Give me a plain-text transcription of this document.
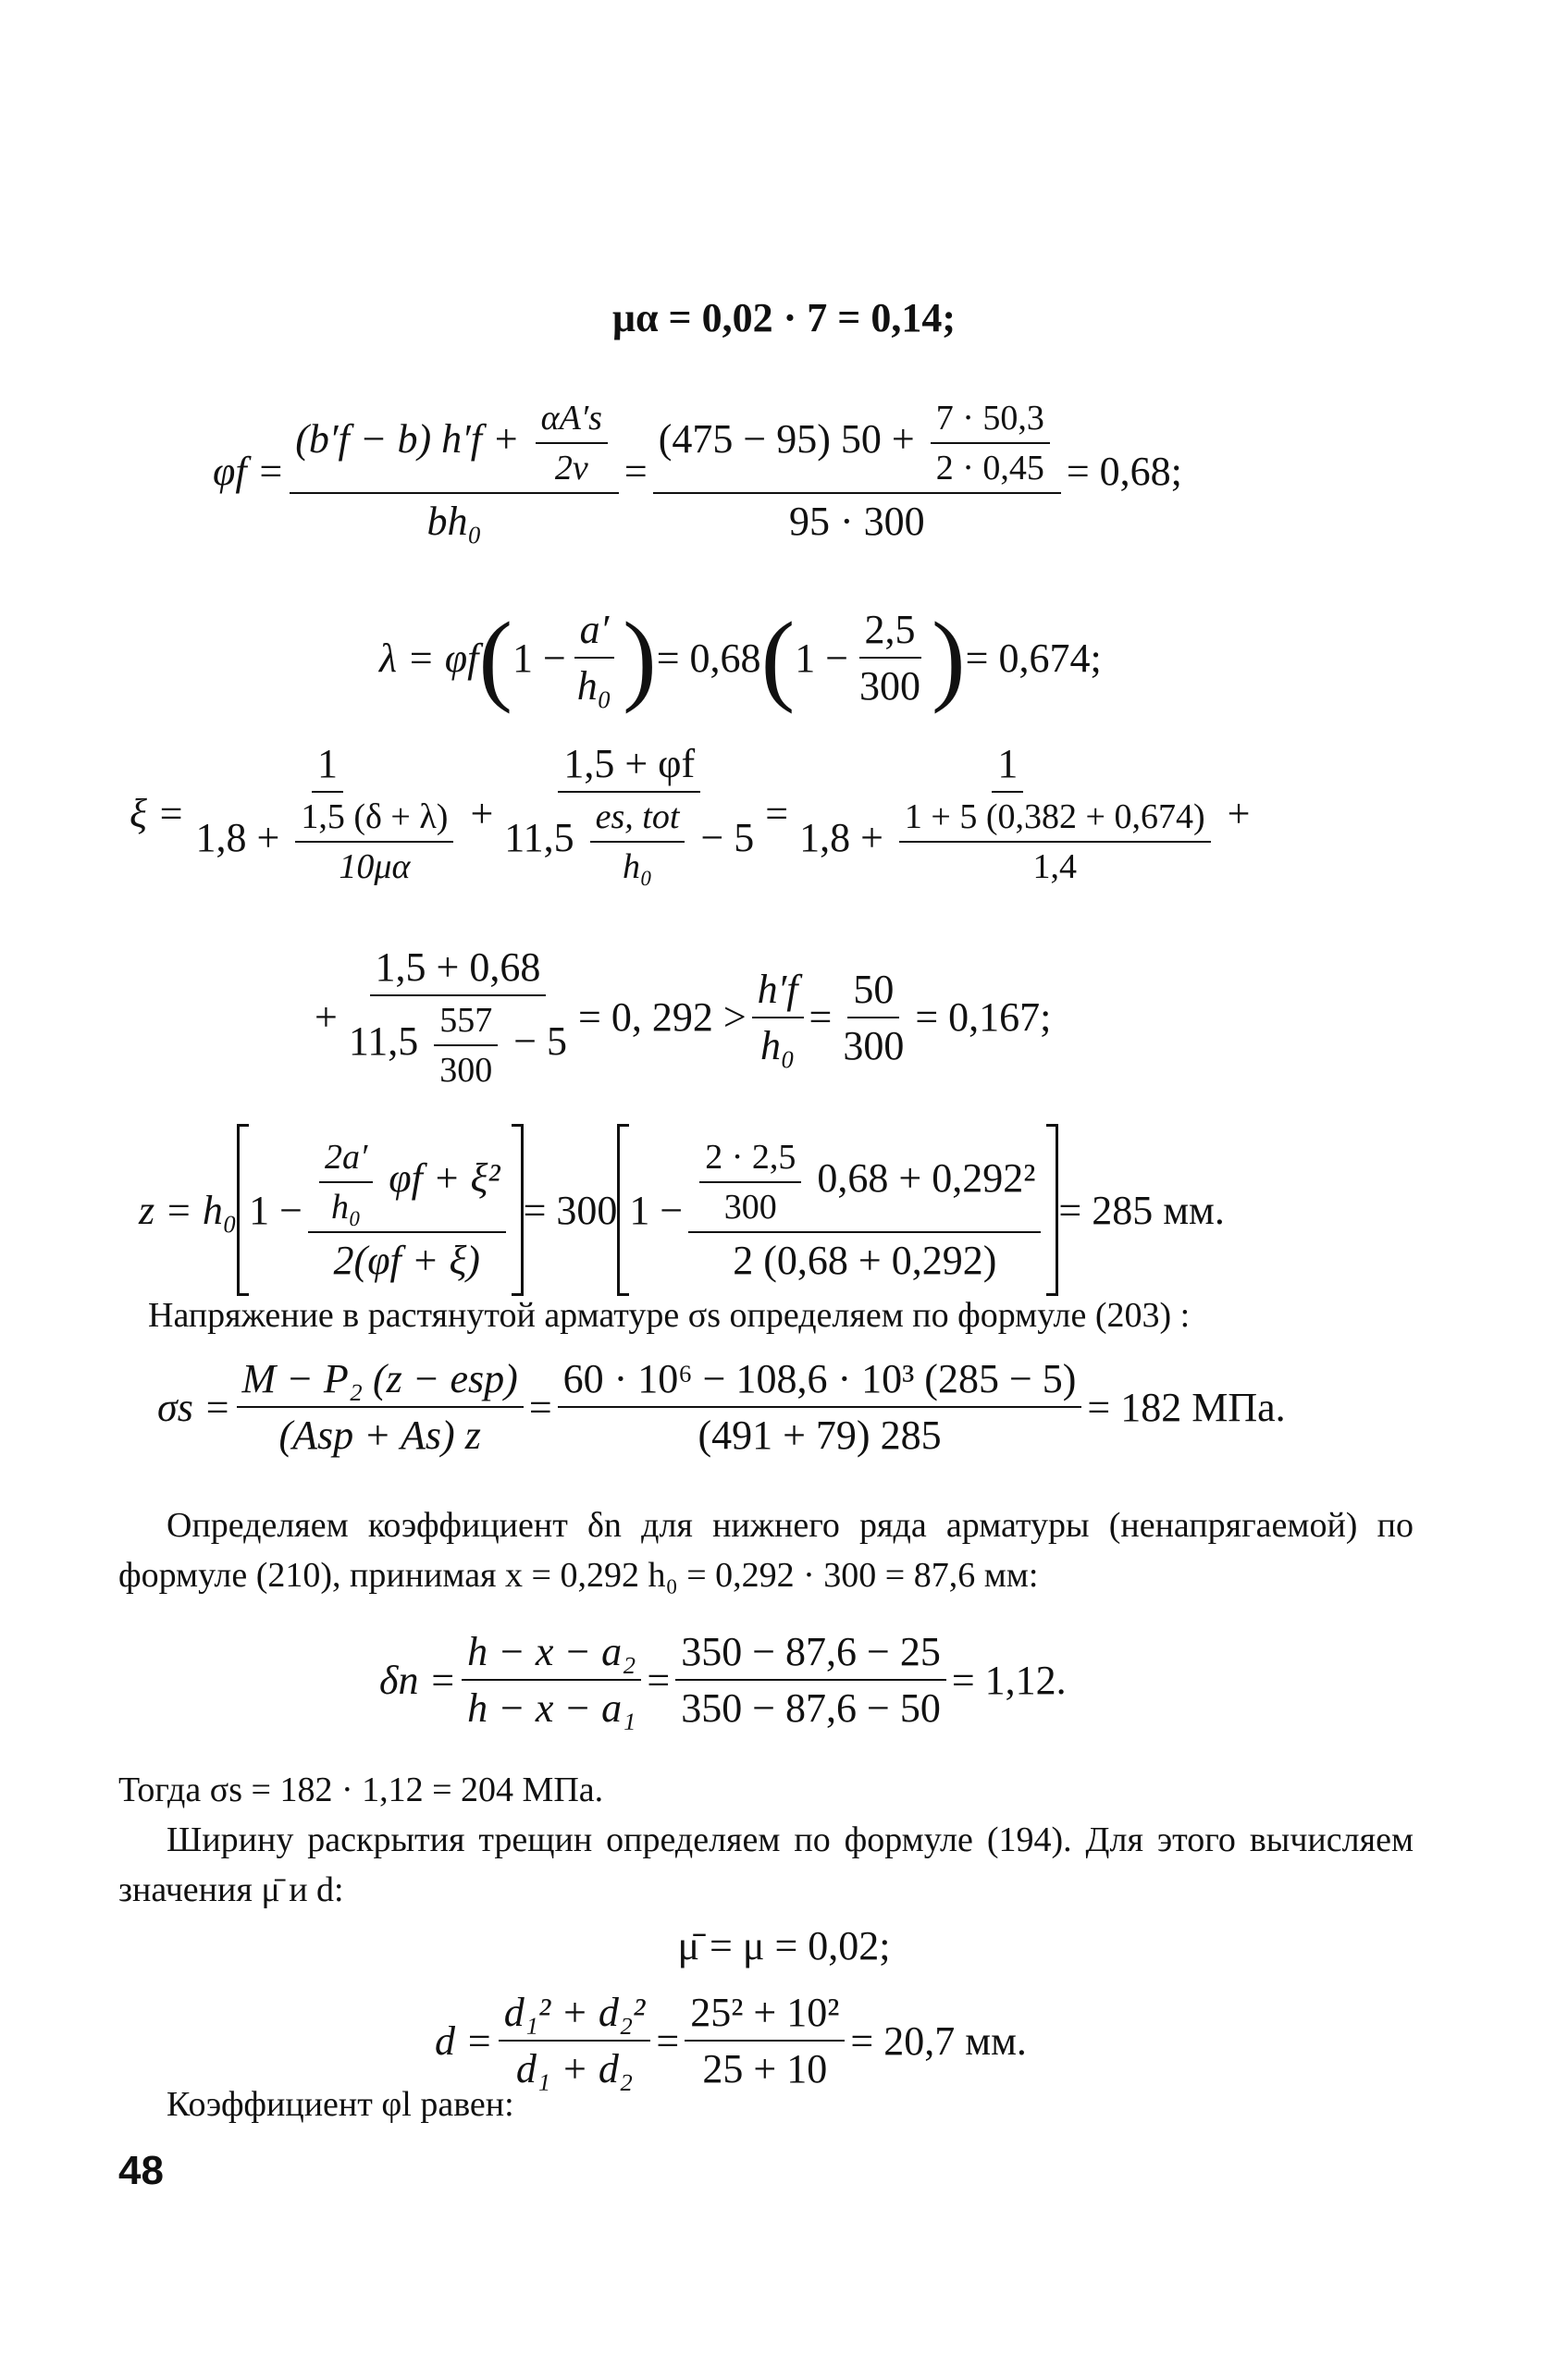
μα = 0,02 · 7 = 0,14;
$\varphi f = \frac{(b'f - b) h'f + \frac{\alpha A's}{2\nu}}{\text{bh₀}} = \frac{(475 - 95) 50 + \frac{7 \cdot 50,3}{2 \cdot 0,45}}{95 \cdot 300} = 0,68$;
λ = φf ( $1 - \frac{a'}{\text{h₀}}$ ) = 0,68 ( $1 - \frac{2,5}{300}$ ) = 0,674;
$\xi = \frac{1}{1,8 + \frac{1,5 (\delta + \lambda)}{10\mu\alpha}} + \frac{1,5 + \varphi f}{11,5 \frac{\text{es, tot}}{\text{h₀}} - 5} = \frac{1}{1,8 + \frac{1 + 5 (0,382 + 0,674)}{1,4}}$ +
+ $\frac{1,5 + 0,68}{11,5 \frac{557}{300} - 5} = 0$, $292 > \frac{h'f}{\text{h₀}} = \frac{50}{300} = 0,167$;
z = h₀ $1 - \frac{\frac{2a'}{\text{h₀}} \varphi f + \xi^2}{2(\varphi f + \xi)} = 300$ $1 - \frac{\frac{2 \cdot 2,5}{300} 0,68 + 0,292^2}{2 (0,68 + 0,292)} = 285$ мм.
Напряжение в растянутой арматуре σs определяем по формуле (203) :
$\sigma s = \frac{\text{M − P₂ (z − esp)}}{\text{(Asp + As) z}} = \frac{\text{60 · 10⁶ − 108,6 · 10³ (285 − 5)}}{(491 + 79) 285} = 182$ МПа.
Определяем коэффициент δn для нижнего ряда арматуры (ненапрягаемой) по формуле (210), принимая x = 0,292 h₀ = 0,292 · 300 = 87,6 мм:
$\delta n = \frac{\text{h − x − a₂}}{\text{h − x − a₁}} = \frac{350 - 87,6 - 25}{350 - 87,6 - 50} = 1,12$.
Тогда σs = 182 · 1,12 = 204 МПа.
Ширину раскрытия трещин определяем по формуле (194). Для этого вычисляем значения μ̄ и d:
μ̄ = μ = 0,02;
$d = \frac{\text{d₁² + d₂²}}{\text{d₁ + d₂}} = \frac{\text{25² + 10²}}{25 + 10} = 20,7$ мм.
Коэффициент φl равен:
48
